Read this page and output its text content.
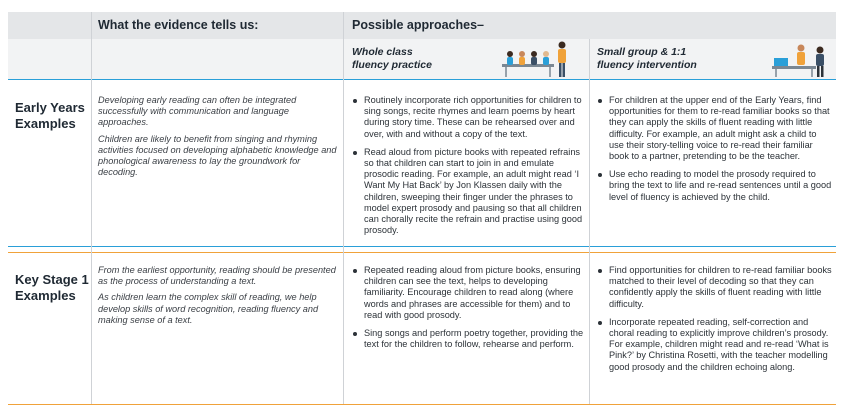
What the evidence tells us:	Possible approaches–
Whole class
fluency practice
Small group & 1:1
fluency intervention
Early Years
Examples

Developing early reading can often be integrated successfully with communication and language approaches.

Children are likely to benefit from singing and rhyming activities focused on developing alphabetic knowledge and phonological awareness to lay the groundwork for decoding.

Routinely incorporate rich opportunities for children to sing songs, recite rhymes and learn poems by heart during story time. These can be rehearsed over and over, with and without a copy of the text.
Read aloud from picture books with repeated refrains so that children can start to join in and emulate prosodic reading. For example, an adult might read ‘I Want My Hat Back’ by Jon Klassen daily with the children, sweeping their finger under the phrases to model expert prosody and pausing so that all children can chorally recite the refrain and practise using good prosody.
For children at the upper end of the Early Years, find opportunities for them to re-read familiar books so that they can apply the skills of fluent reading with little difficulty. For example, an adult might ask a child to use their story-telling voice to re-read their familiar book to a partner, pretending to be the teacher.
Use echo reading to model the prosody required to bring the text to life and re-read sentences until a good level of fluency is achieved by the child.
Key Stage 1
Examples

From the earliest opportunity, reading should be presented as the process of understanding a text.

As children learn the complex skill of reading, we help develop skills of word recognition, reading fluency and making sense of a text.

Repeated reading aloud from picture books, ensuring children can see the text, helps to developing familiarity. Encourage children to read along (where words and phrases are accessible for them) and to read with good prosody.
Sing songs and perform poetry together, providing the text for the children to follow, rehearse and perform.
Find opportunities for children to re-read familiar books matched to their level of decoding so that they can confidently apply the skills of fluent reading with little difficulty.
Incorporate repeated reading, self-correction and choral reading to explicitly improve children’s prosody. For example, children might read and re-read ‘What is Pink?’ by Christina Rosetti, with the teacher modelling good prosody and the children echoing along.
